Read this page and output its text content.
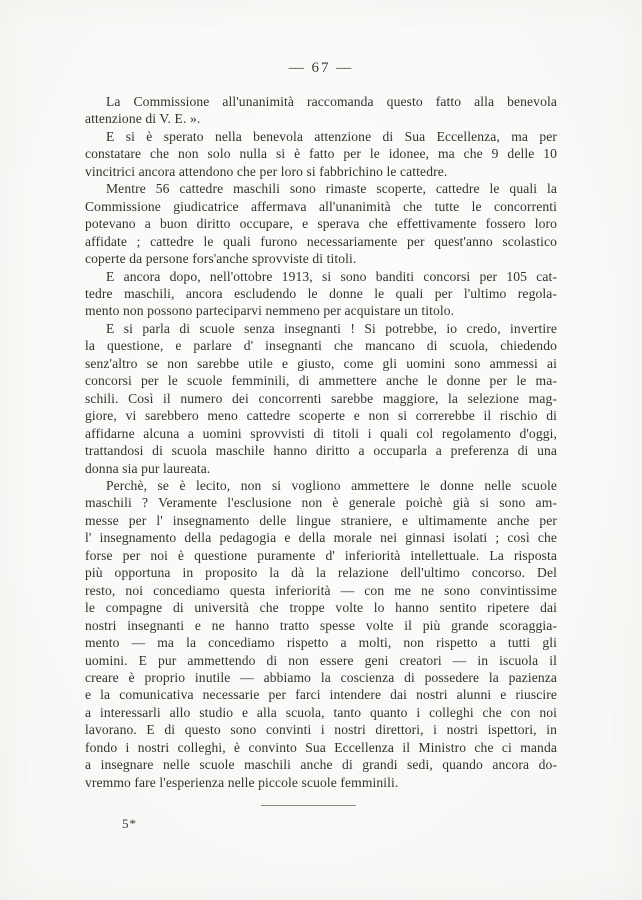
— 67 —
La Commissione all'unanimità raccomanda questo fatto alla benevola
attenzione di V. E. ».
E si è sperato nella benevola attenzione di Sua Eccellenza, ma per
constatare che non solo nulla si è fatto per le idonee, ma che 9 delle 10
vincitrici ancora attendono che per loro si fabbrichino le cattedre.
Mentre 56 cattedre maschili sono rimaste scoperte, cattedre le quali la
Commissione giudicatrice affermava all'unanimità che tutte le concorrenti
potevano a buon diritto occupare, e sperava che effettivamente fossero loro
affidate ; cattedre le quali furono necessariamente per quest'anno scolastico
coperte da persone fors'anche sprovviste di titoli.
E ancora dopo, nell'ottobre 1913, si sono banditi concorsi per 105 cat-
tedre maschili, ancora escludendo le donne le quali per l'ultimo regola-
mento non possono parteciparvi nemmeno per acquistare un titolo.
E si parla di scuole senza insegnanti ! Si potrebbe, io credo, invertire
la questione, e parlare d' insegnanti che mancano di scuola, chiedendo
senz'altro se non sarebbe utile e giusto, come gli uomini sono ammessi ai
concorsi per le scuole femminili, di ammettere anche le donne per le ma-
schili. Così il numero dei concorrenti sarebbe maggiore, la selezione mag-
giore, vi sarebbero meno cattedre scoperte e non si correrebbe il rischio di
affidarne alcuna a uomini sprovvisti di titoli i quali col regolamento d'oggi,
trattandosi di scuola maschile hanno diritto a occuparla a preferenza di una
donna sia pur laureata.
Perchè, se è lecito, non si vogliono ammettere le donne nelle scuole
maschili ? Veramente l'esclusione non è generale poichè già si sono am-
messe per l' insegnamento delle lingue straniere, e ultimamente anche per
l' insegnamento della pedagogia e della morale nei ginnasi isolati ; così che
forse per noi è questione puramente d' inferiorità intellettuale. La risposta
più opportuna in proposito la dà la relazione dell'ultimo concorso. Del
resto, noi concediamo questa inferiorità — con me ne sono convintissime
le compagne di università che troppe volte lo hanno sentito ripetere dai
nostri insegnanti e ne hanno tratto spesse volte il più grande scoraggia-
mento — ma la concediamo rispetto a molti, non rispetto a tutti gli
uomini. E pur ammettendo di non essere geni creatori — in iscuola il
creare è proprio inutile — abbiamo la coscienza di possedere la pazienza
e la comunicativa necessarie per farci intendere dai nostri alunni e riuscire
a interessarli allo studio e alla scuola, tanto quanto i colleghi che con noi
lavorano. E di questo sono convinti i nostri direttori, i nostri ispettori, in
fondo i nostri colleghi, è convinto Sua Eccellenza il Ministro che ci manda
a insegnare nelle scuole maschili anche di grandi sedi, quando ancora do-
vremmo fare l'esperienza nelle piccole scuole femminili.
5*
